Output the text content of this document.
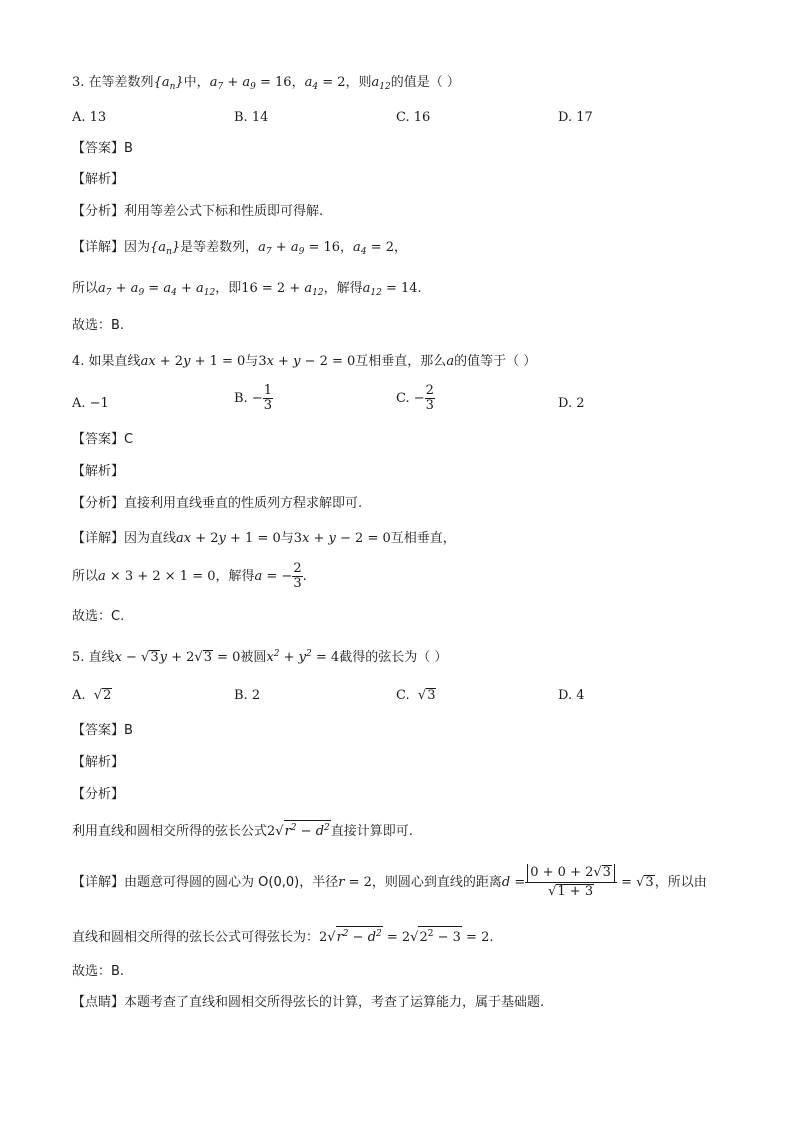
3. 在等差数列$\{a_n\}$中，$a_7 + a_9 = 16$，$a_4 = 2$，则$a_{12}$的值是（ ）
A. 13	B. 14	C. 16	D. 17
【答案】B
【解析】
【分析】利用等差公式下标和性质即可得解.
【详解】因为$\{a_n\}$是等差数列，$a_7 + a_9 = 16$，$a_4 = 2$，
所以$a_7 + a_9 = a_4 + a_{12}$，即$16 = 2 + a_{12}$，解得$a_{12} = 14$.
故选：B.
4. 如果直线ax + 2y + 1 = 0与3x + y − 2 = 0互相垂直，那么a的值等于（ ）
A. −1	B. − $\frac{1}{3}$	C. − $\frac{2}{3}$	D. 2
【答案】C
【解析】
【分析】直接利用直线垂直的性质列方程求解即可.
【详解】因为直线ax + 2y + 1 = 0与3x + y − 2 = 0互相垂直，
所以a × 3 + 2 × 1 = 0，解得a = − $\frac{2}{3}$ .
故选：C.
5. 直线x − √3y + 2√3 = 0被圆$x^2 + y^2 = 4$截得的弦长为（ ）
A. √2	B. 2	C. √3	D. 4
【答案】B
【解析】
【分析】
利用直线和圆相交所得的弦长公式$2√r^2 - d^2$直接计算即可.
【详解】由题意可得圆的圆心为 O(0,0)，半径r = 2，则圆心到直线的距离$d = \frac{0 + 0 + 2√3}{√1 + 3} = √3$，所以由
直线和圆相交所得的弦长公式可得弦长为：$2√r^2 - d^2 = 2√2^2 - 3 = 2$.
故选：B.
【点睛】本题考查了直线和圆相交所得弦长的计算，考查了运算能力，属于基础题.
